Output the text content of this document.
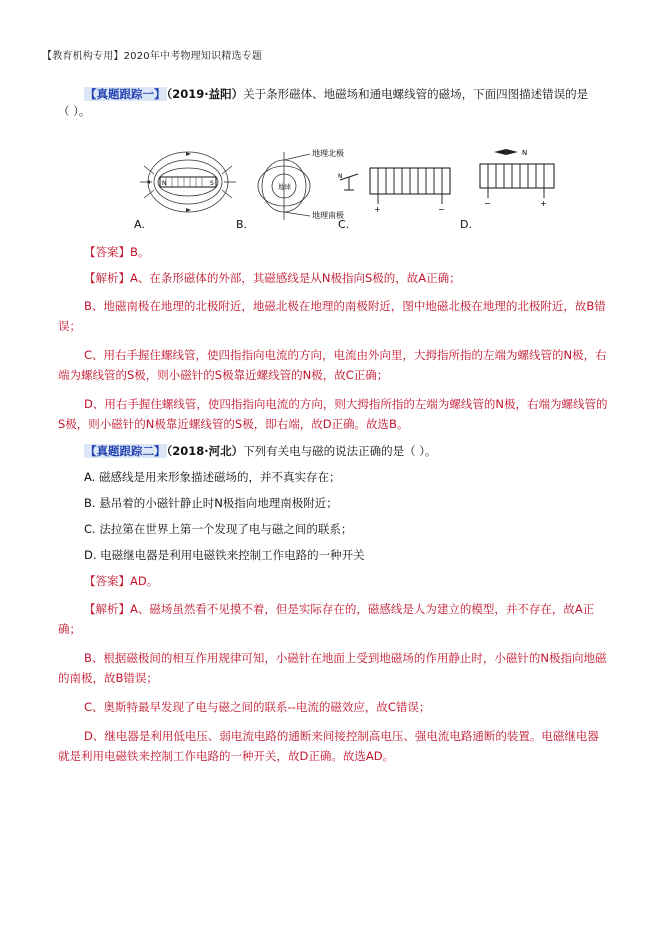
【教育机构专用】2020年中考物理知识精选专题

【真题跟踪一】（2019·益阳）关于条形磁体、地磁场和通电螺线管的磁场，下面四图描述错误的是

（ ）。

N	S
A.
地球
地理北极
地理南极
B.
N
+	−
C.
N
−	+
D.

【答案】B。

【解析】A、在条形磁体的外部，其磁感线是从N极指向S极的，故A正确；

B、地磁南极在地理的北极附近，地磁北极在地理的南极附近，图中地磁北极在地理的北极附近，故B错误；

C、用右手握住螺线管，使四指指向电流的方向，电流由外向里，大拇指所指的左端为螺线管的N极，右端为螺线管的S极，则小磁针的S极靠近螺线管的N极，故C正确；

D、用右手握住螺线管，使四指指向电流的方向，则大拇指所指的左端为螺线管的N极，右端为螺线管的S极，则小磁针的N极靠近螺线管的S极，即右端，故D正确。故选B。

【真题跟踪二】（2018·河北）下列有关电与磁的说法正确的是（ ）。

A. 磁感线是用来形象描述磁场的，并不真实存在；

B. 悬吊着的小磁针静止时N极指向地理南极附近；

C. 法拉第在世界上第一个发现了电与磁之间的联系；

D. 电磁继电器是利用电磁铁来控制工作电路的一种开关

【答案】AD。

【解析】A、磁场虽然看不见摸不着，但是实际存在的，磁感线是人为建立的模型，并不存在，故A正确；

B、根据磁极间的相互作用规律可知，小磁针在地面上受到地磁场的作用静止时，小磁针的N极指向地磁的南极，故B错误；

C、奥斯特最早发现了电与磁之间的联系--电流的磁效应，故C错误；

D、继电器是利用低电压、弱电流电路的通断来间接控制高电压、强电流电路通断的装置。电磁继电器就是利用电磁铁来控制工作电路的一种开关，故D正确。故选AD。
